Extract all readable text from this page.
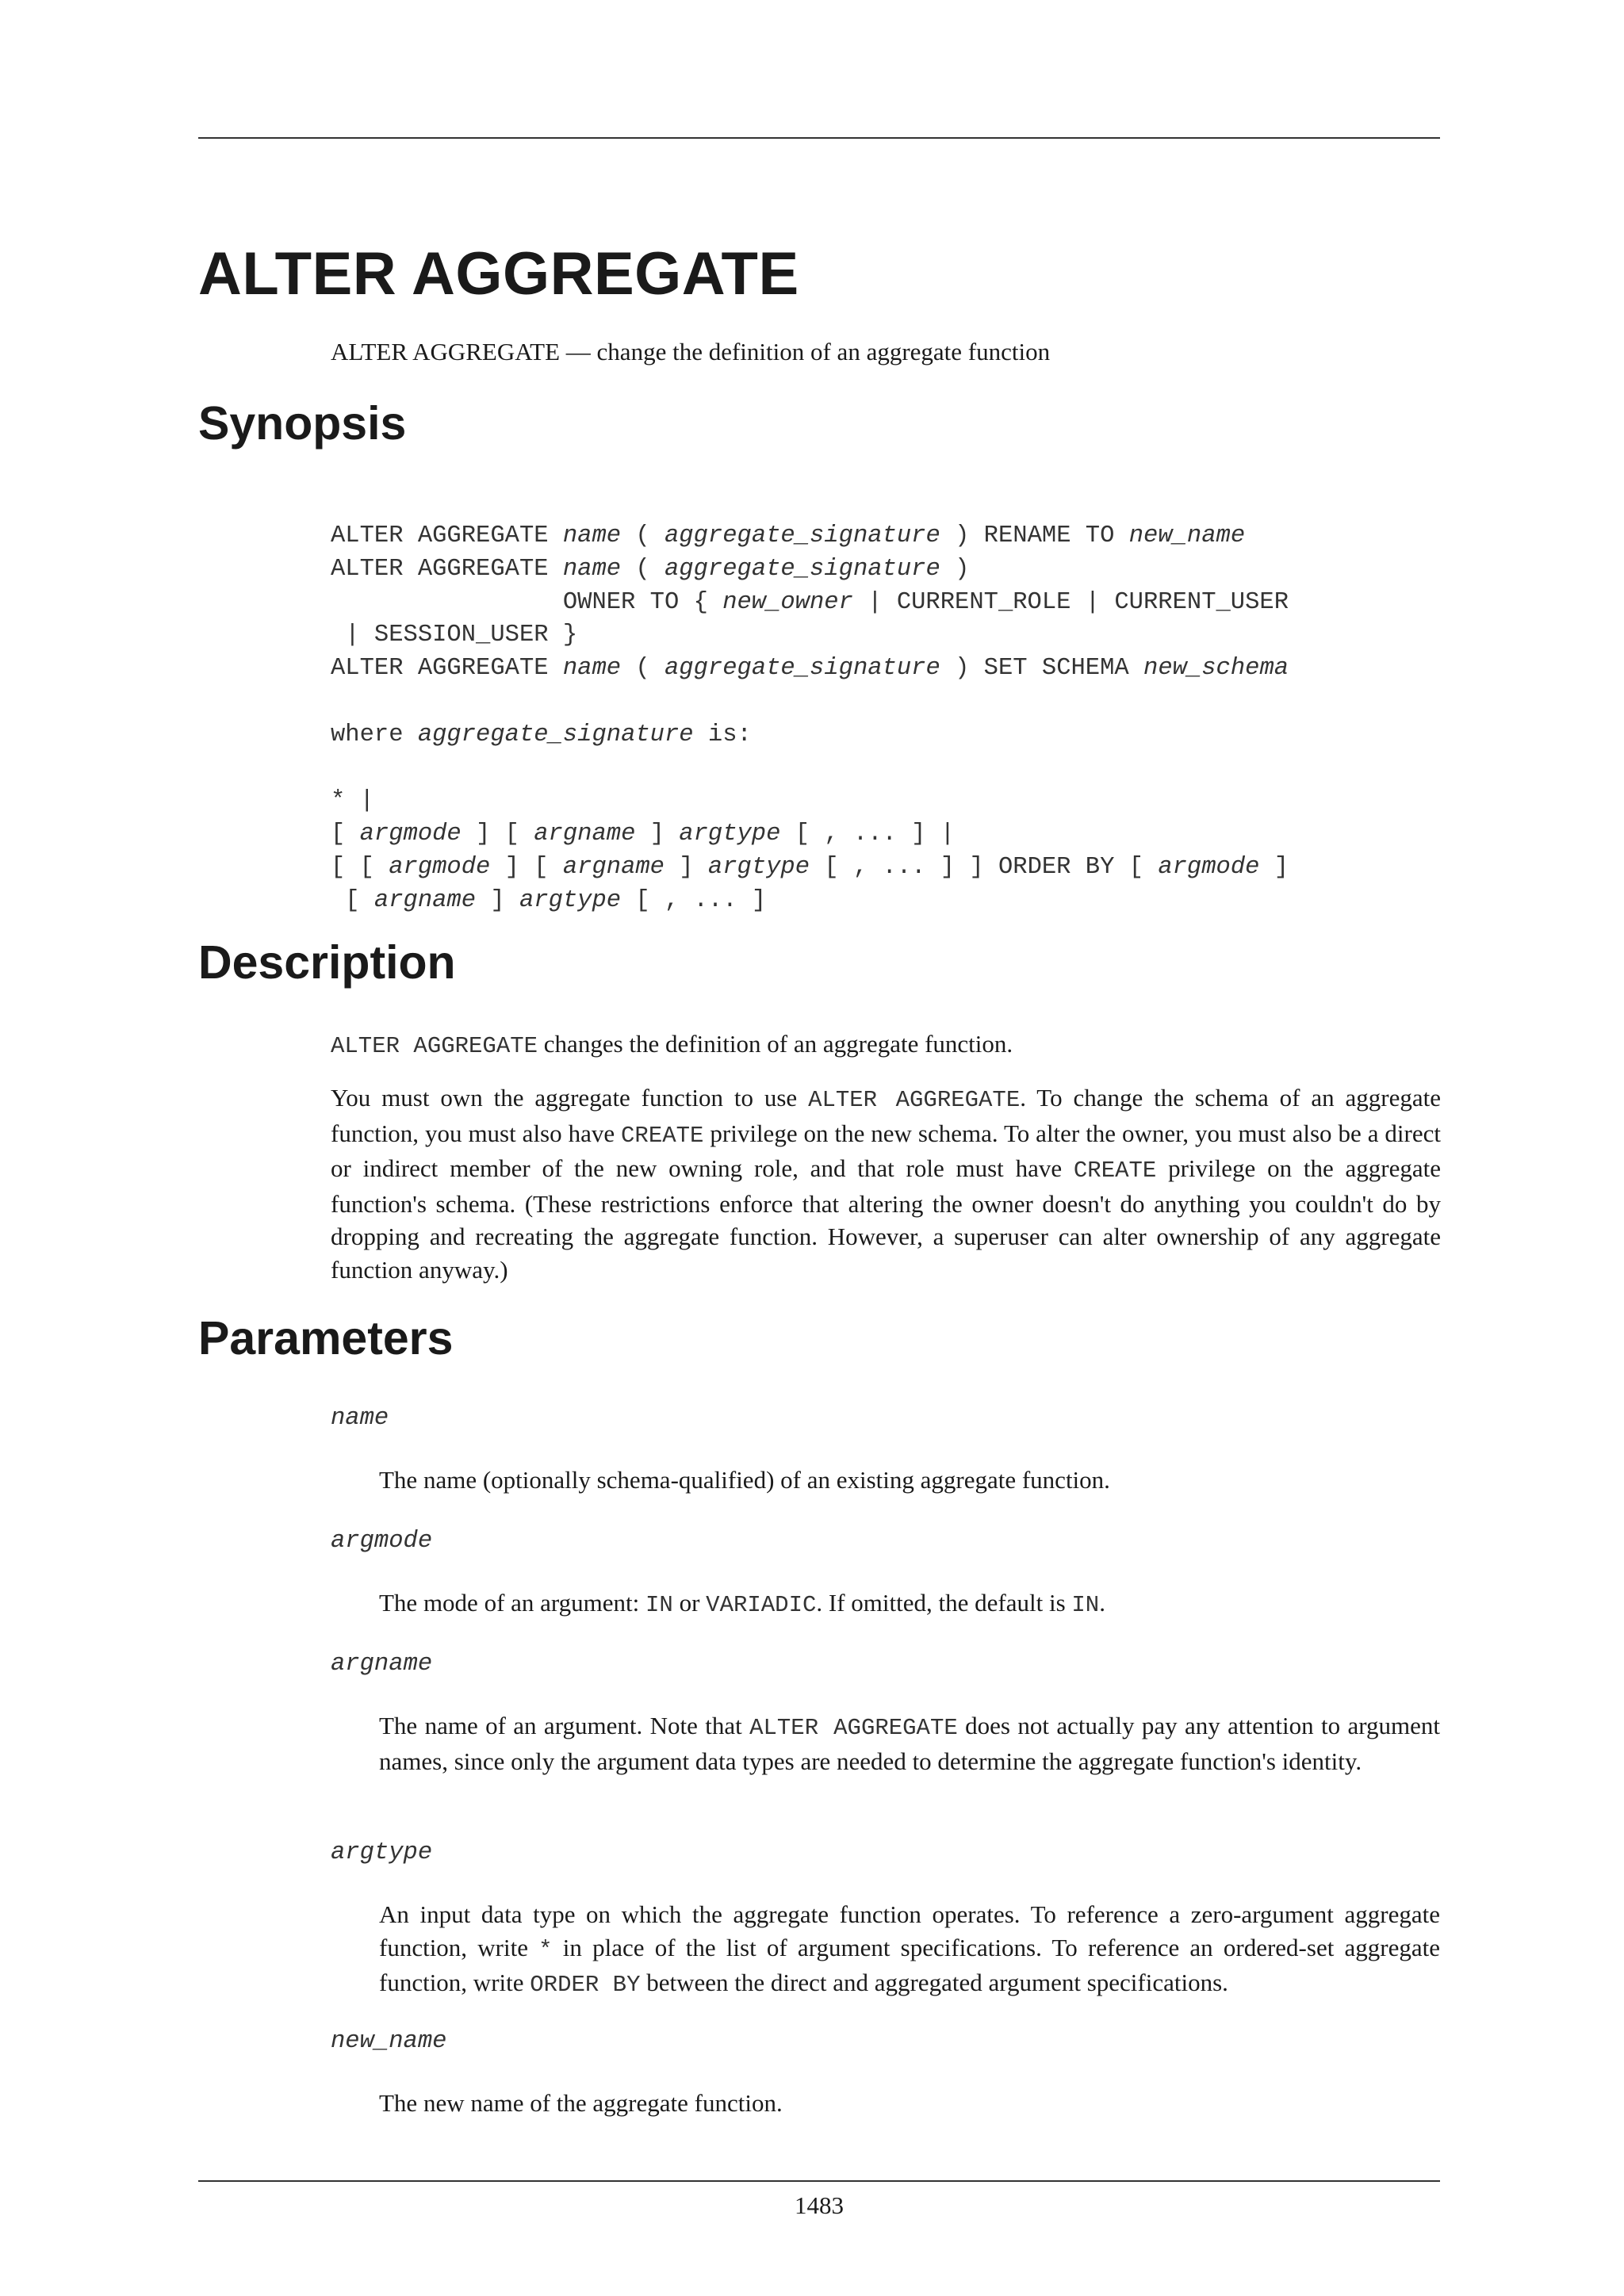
ALTER AGGREGATE
ALTER AGGREGATE — change the definition of an aggregate function
Synopsis
ALTER AGGREGATE name ( aggregate_signature ) RENAME TO new_name
ALTER AGGREGATE name ( aggregate_signature )
OWNER TO { new_owner | CURRENT_ROLE | CURRENT_USER
| SESSION_USER }
ALTER AGGREGATE name ( aggregate_signature ) SET SCHEMA new_schema

where aggregate_signature is:

* |
[ argmode ] [ argname ] argtype [ , ... ] |
[ [ argmode ] [ argname ] argtype [ , ... ] ] ORDER BY [ argmode ]
[ argname ] argtype [ , ... ]
Description
ALTER AGGREGATE changes the definition of an aggregate function.
You must own the aggregate function to use ALTER AGGREGATE. To change the schema of an aggregate function, you must also have CREATE privilege on the new schema. To alter the owner, you must also be a direct or indirect member of the new owning role, and that role must have CREATE privilege on the aggregate function's schema. (These restrictions enforce that altering the owner doesn't do anything you couldn't do by dropping and recreating the aggregate function. However, a superuser can alter ownership of any aggregate function anyway.)
Parameters
name
The name (optionally schema-qualified) of an existing aggregate function.
argmode
The mode of an argument: IN or VARIADIC. If omitted, the default is IN.
argname
The name of an argument. Note that ALTER AGGREGATE does not actually pay any attention to argument names, since only the argument data types are needed to determine the aggregate function's identity.
argtype
An input data type on which the aggregate function operates. To reference a zero-argument aggregate function, write * in place of the list of argument specifications. To reference an ordered-set aggregate function, write ORDER BY between the direct and aggregated argument specifications.
new_name
The new name of the aggregate function.
1483
